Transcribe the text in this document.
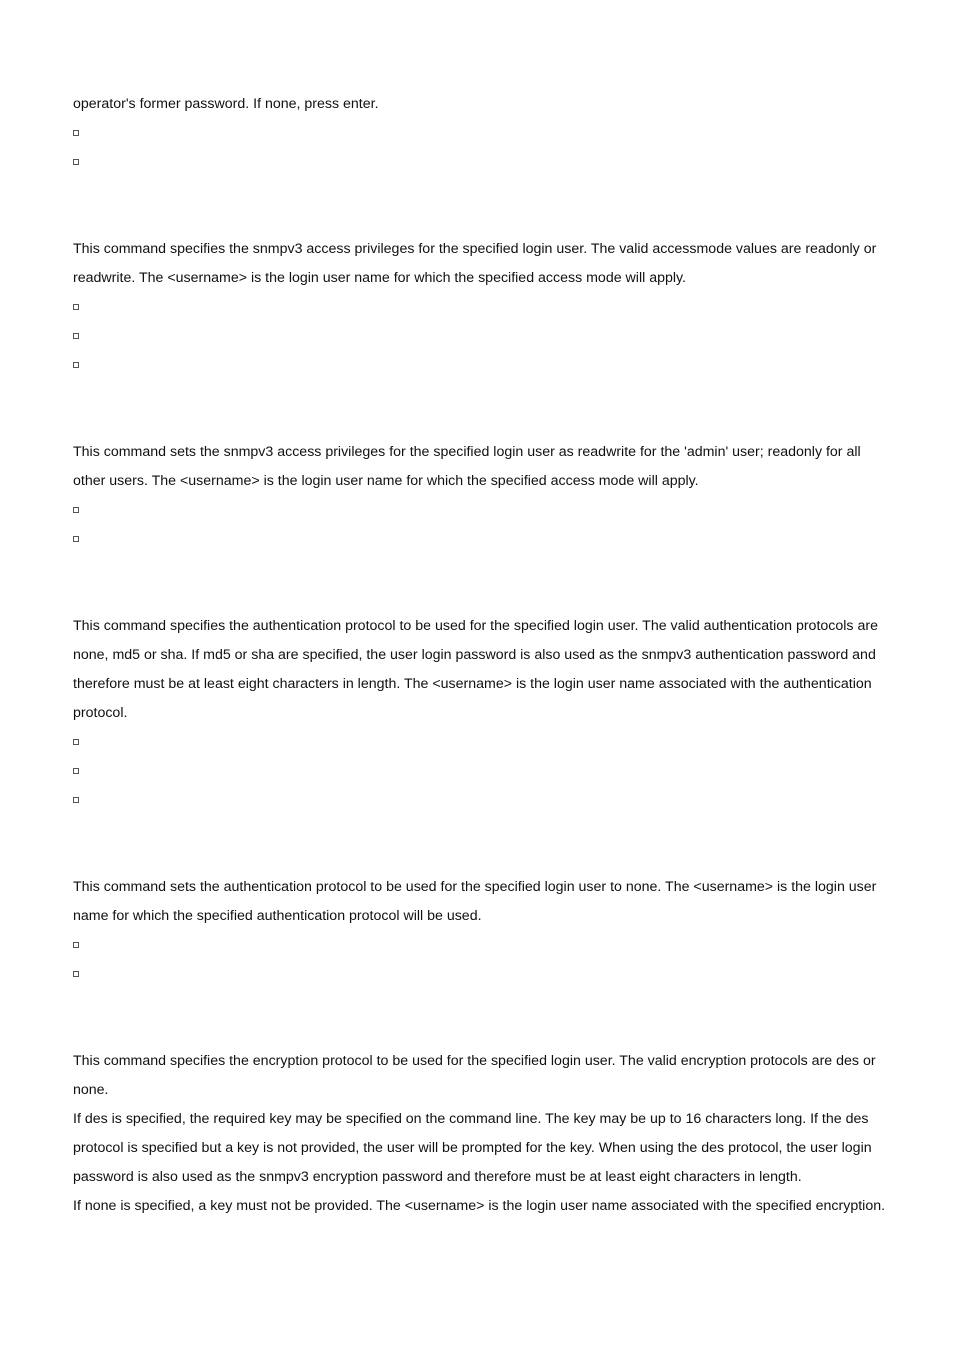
operator's former password. If none, press enter.

This command specifies the snmpv3 access privileges for the specified login user. The valid accessmode values are readonly or readwrite. The <username> is the login user name for which the specified access mode will apply.

This command sets the snmpv3 access privileges for the specified login user as readwrite for the 'admin' user; readonly for all other users. The <username> is the login user name for which the specified access mode will apply.

This command specifies the authentication protocol to be used for the specified login user. The valid authentication protocols are none, md5 or sha. If md5 or sha are specified, the user login password is also used as the snmpv3 authentication password and therefore must be at least eight characters in length. The <username> is the login user name associated with the authentication protocol.

This command sets the authentication protocol to be used for the specified login user to none. The <username> is the login user name for which the specified authentication protocol will be used.

This command specifies the encryption protocol to be used for the specified login user. The valid encryption protocols are des or none.

If des is specified, the required key may be specified on the command line. The key may be up to 16 characters long. If the des protocol is specified but a key is not provided, the user will be prompted for the key. When using the des protocol, the user login password is also used as the snmpv3 encryption password and therefore must be at least eight characters in length.

If none is specified, a key must not be provided. The <username> is the login user name associated with the specified encryption.
